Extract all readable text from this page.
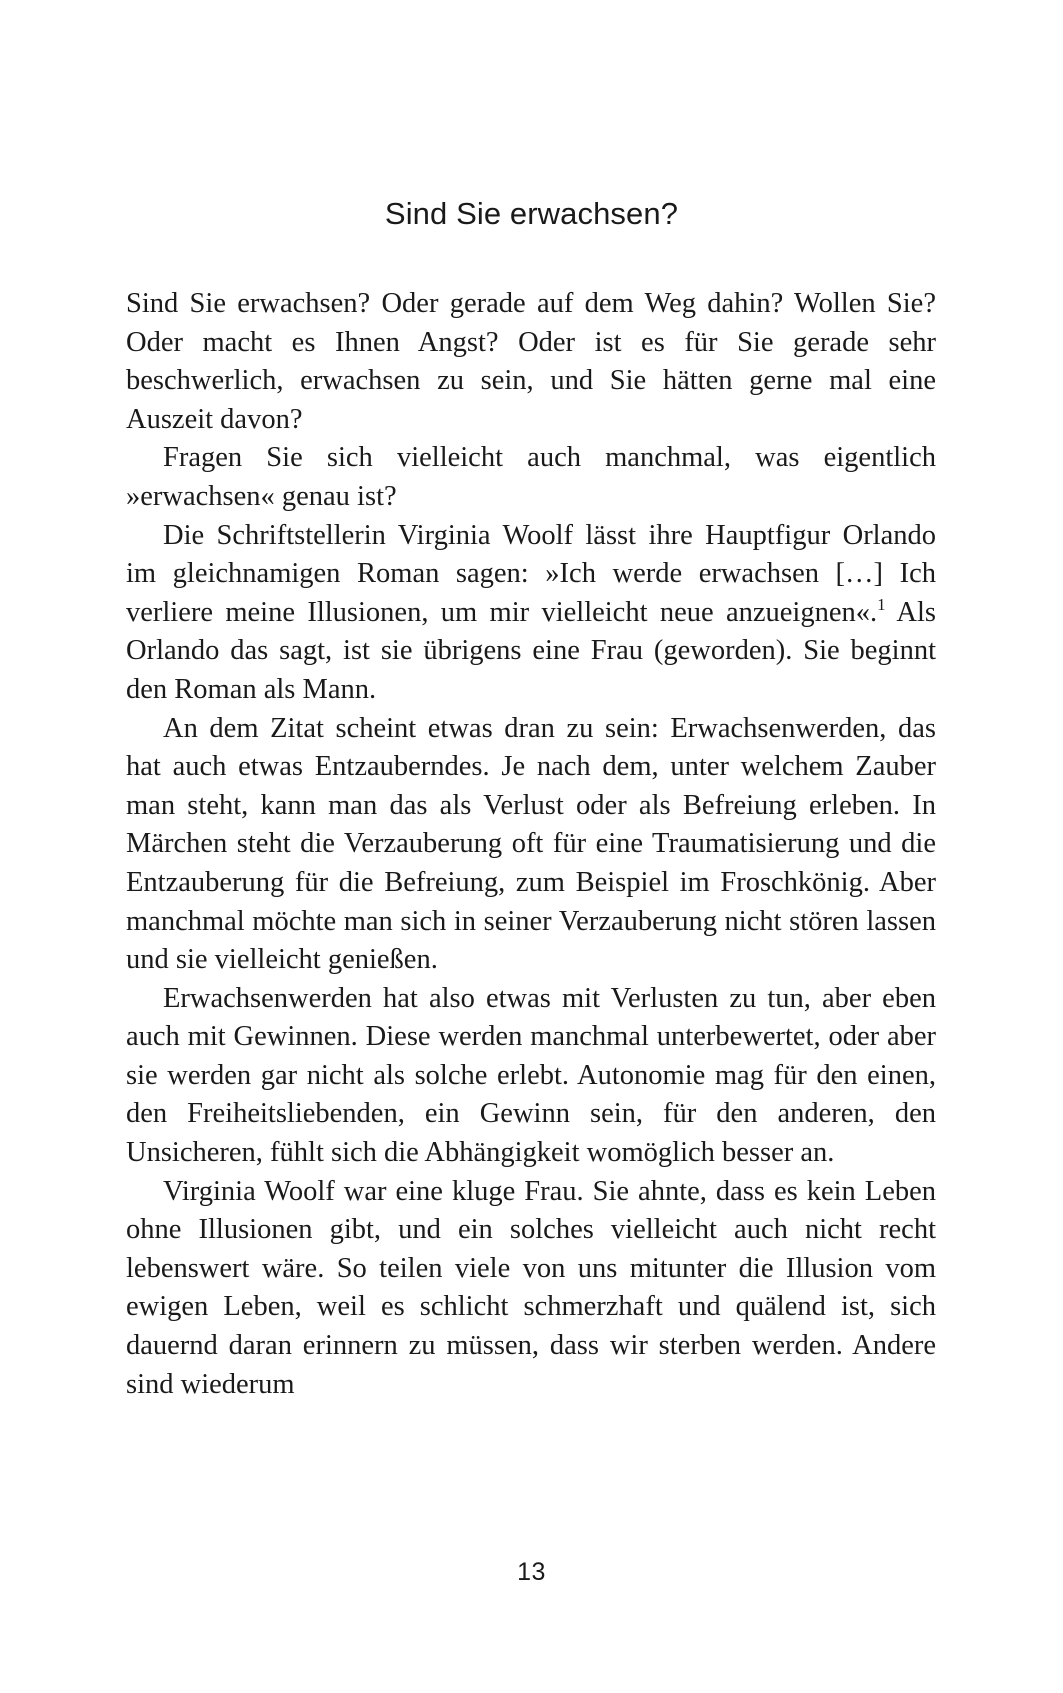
Sind Sie erwachsen?

Sind Sie erwachsen? Oder gerade auf dem Weg dahin? Wollen Sie? Oder macht es Ihnen Angst? Oder ist es für Sie gerade sehr beschwerlich, erwachsen zu sein, und Sie hätten gerne mal eine Auszeit davon?

Fragen Sie sich vielleicht auch manchmal, was eigentlich »erwachsen« genau ist?

Die Schriftstellerin Virginia Woolf lässt ihre Hauptfigur Orlando im gleichnamigen Roman sagen: »Ich werde erwachsen […] Ich verliere meine Illusionen, um mir vielleicht neue anzueignen«.$^1$ Als Orlando das sagt, ist sie übrigens eine Frau (geworden). Sie beginnt den Roman als Mann.

An dem Zitat scheint etwas dran zu sein: Erwachsenwerden, das hat auch etwas Entzauberndes. Je nach dem, unter welchem Zauber man steht, kann man das als Verlust oder als Befreiung erleben. In Märchen steht die Verzauberung oft für eine Traumatisierung und die Entzauberung für die Befreiung, zum Beispiel im Froschkönig. Aber manchmal möchte man sich in seiner Verzauberung nicht stören lassen und sie vielleicht genießen.

Erwachsenwerden hat also etwas mit Verlusten zu tun, aber eben auch mit Gewinnen. Diese werden manchmal unterbewertet, oder aber sie werden gar nicht als solche erlebt. Autonomie mag für den einen, den Freiheitsliebenden, ein Gewinn sein, für den anderen, den Unsicheren, fühlt sich die Abhängigkeit womöglich besser an.

Virginia Woolf war eine kluge Frau. Sie ahnte, dass es kein Leben ohne Illusionen gibt, und ein solches vielleicht auch nicht recht lebenswert wäre. So teilen viele von uns mitunter die Illusion vom ewigen Leben, weil es schlicht schmerzhaft und quälend ist, sich dauernd daran erinnern zu müssen, dass wir sterben werden. Andere sind wiederum

13
